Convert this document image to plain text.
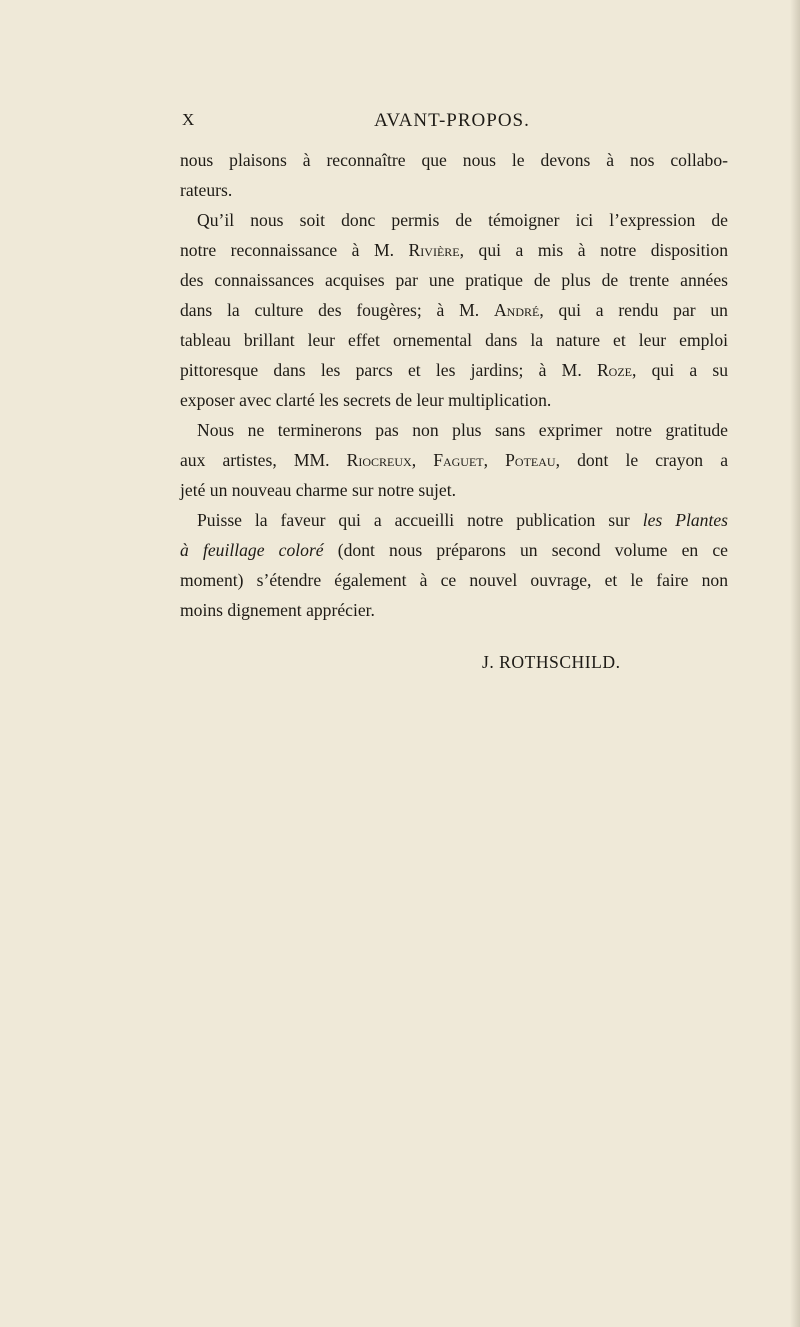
X	AVANT-PROPOS.

nous plaisons à reconnaître que nous le devons à nos collabo-
rateurs.

Qu’il nous soit donc permis de témoigner ici l’expression de
notre reconnaissance à M. Rivière, qui a mis à notre disposition
des connaissances acquises par une pratique de plus de trente années
dans la culture des fougères; à M. André, qui a rendu par un
tableau brillant leur effet ornemental dans la nature et leur emploi
pittoresque dans les parcs et les jardins; à M. Roze, qui a su
exposer avec clarté les secrets de leur multiplication.

Nous ne terminerons pas non plus sans exprimer notre gratitude
aux artistes, MM. Riocreux, Faguet, Poteau, dont le crayon a
jeté un nouveau charme sur notre sujet.

Puisse la faveur qui a accueilli notre publication sur les Plantes
à feuillage coloré (dont nous préparons un second volume en ce
moment) s’étendre également à ce nouvel ouvrage, et le faire non
moins dignement apprécier.

J. ROTHSCHILD.
